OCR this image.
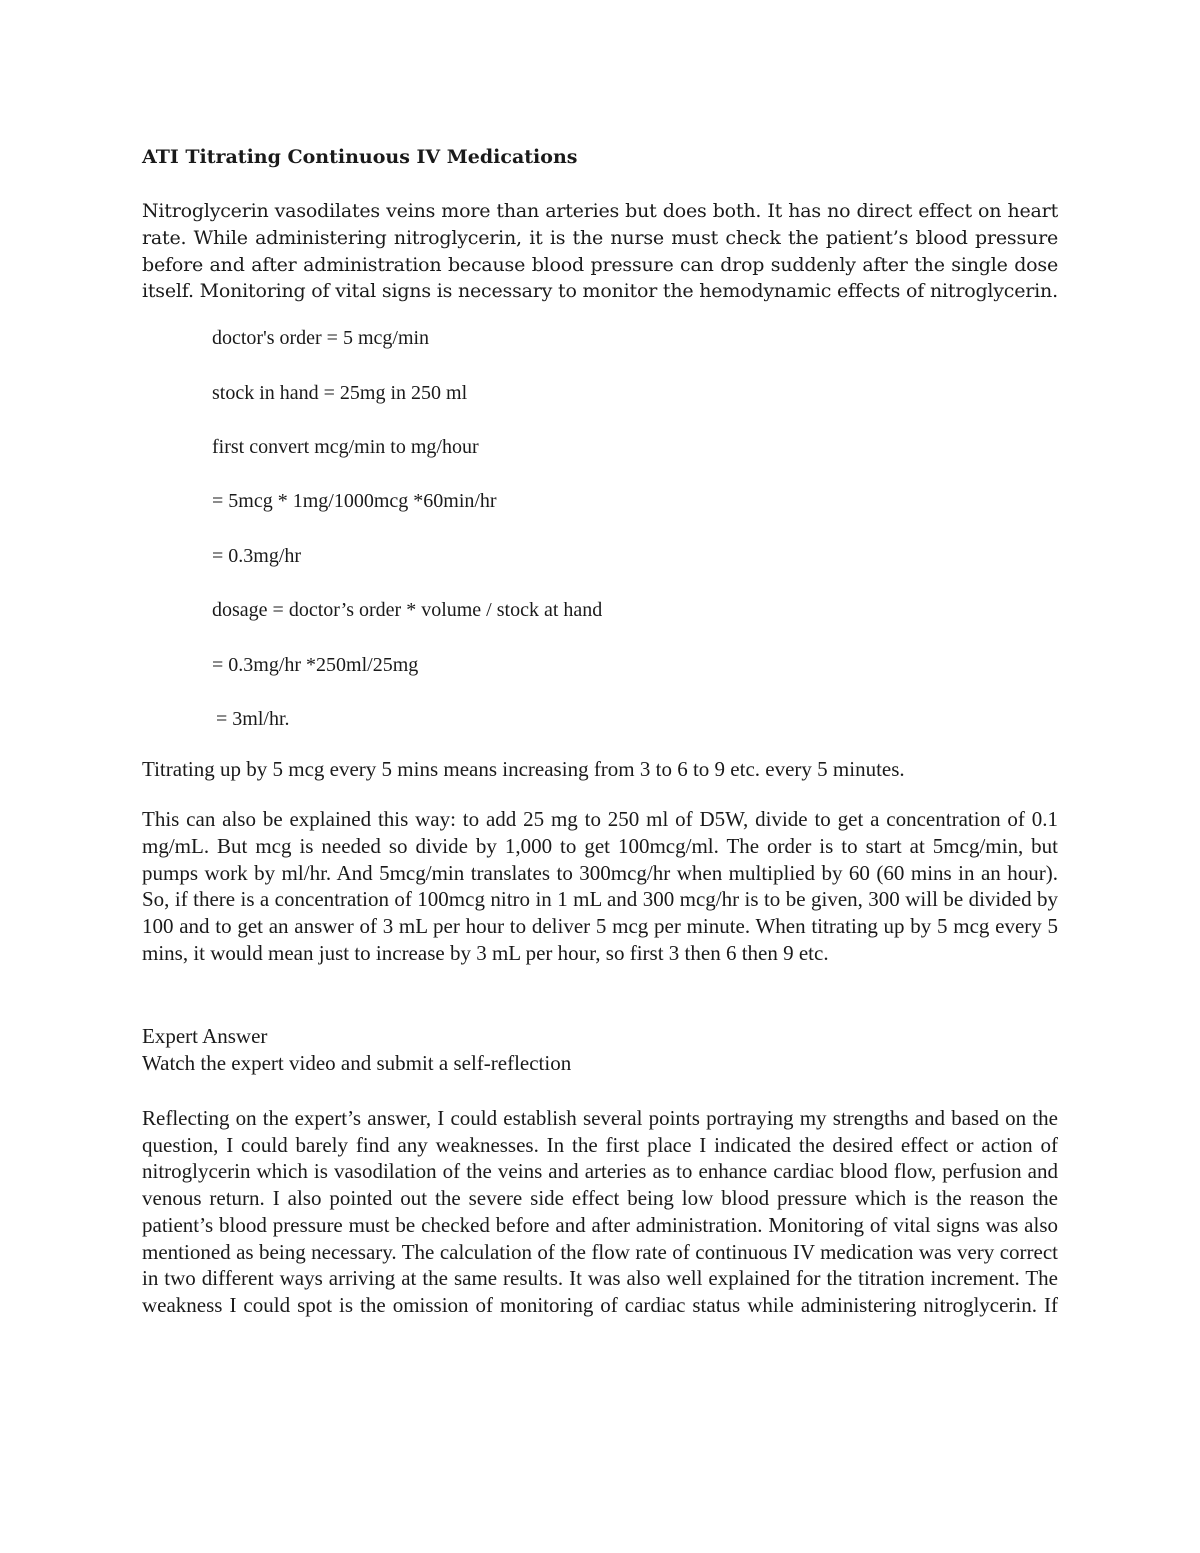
ATI Titrating Continuous IV Medications
Nitroglycerin vasodilates veins more than arteries but does both. It has no direct effect on heart rate. While administering nitroglycerin, it is the nurse must check the patient’s blood pressure before and after administration because blood pressure can drop suddenly after the single dose itself. Monitoring of vital signs is necessary to monitor the hemodynamic effects of nitroglycerin.
doctor's order = 5 mcg/min
stock in hand = 25mg in 250 ml
first convert mcg/min to mg/hour
= 5mcg * 1mg/1000mcg *60min/hr
= 0.3mg/hr
dosage = doctor’s order * volume / stock at hand
= 0.3mg/hr *250ml/25mg
= 3ml/hr.
Titrating up by 5 mcg every 5 mins means increasing from 3 to 6 to 9 etc. every 5 minutes.
This can also be explained this way: to add 25 mg to 250 ml of D5W, divide to get a concentration of 0.1 mg/mL. But mcg is needed so divide by 1,000 to get 100mcg/ml. The order is to start at 5mcg/min, but pumps work by ml/hr. And 5mcg/min translates to 300mcg/hr when multiplied by 60 (60 mins in an hour). So, if there is a concentration of 100mcg nitro in 1 mL and 300 mcg/hr is to be given, 300 will be divided by 100 and to get an answer of 3 mL per hour to deliver 5 mcg per minute. When titrating up by 5 mcg every 5 mins, it would mean just to increase by 3 mL per hour, so first 3 then 6 then 9 etc.
Expert Answer
Watch the expert video and submit a self-reflection
Reflecting on the expert’s answer, I could establish several points portraying my strengths and based on the question, I could barely find any weaknesses. In the first place I indicated the desired effect or action of nitroglycerin which is vasodilation of the veins and arteries as to enhance cardiac blood flow, perfusion and venous return. I also pointed out the severe side effect being low blood pressure which is the reason the patient’s blood pressure must be checked before and after administration. Monitoring of vital signs was also mentioned as being necessary. The calculation of the flow rate of continuous IV medication was very correct in two different ways arriving at the same results. It was also well explained for the titration increment. The weakness I could spot is the omission of monitoring of cardiac status while administering nitroglycerin. If
